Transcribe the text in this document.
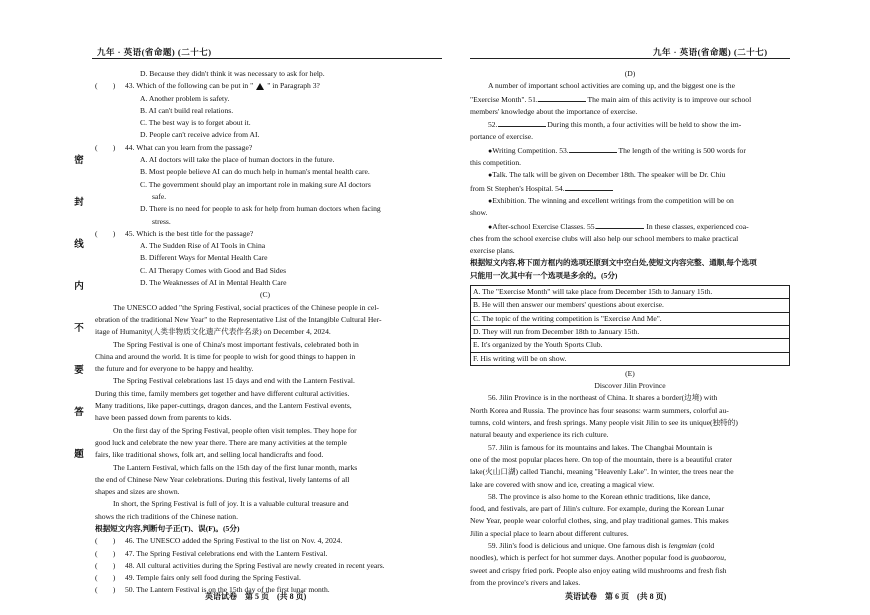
九年 · 英语(省命题) (二十七)
密
封
线
内
不
要
答
题
D. Because they didn't think it was necessary to ask for help.
(　　) 43. Which of the following can be put in " " in Paragraph 3?
A. Another problem is safety.
B. AI can't build real relations.
C. The best way is to forget about it.
D. People can't receive advice from AI.
(　　) 44. What can you learn from the passage?
A. AI doctors will take the place of human doctors in the future.
B. Most people believe AI can do much help in human's mental health care.
C. The government should play an important role in making sure AI doctors
safe.
D. There is no need for people to ask for help from human doctors when facing
stress.
(　　) 45. Which is the best title for the passage?
A. The Sudden Rise of AI Tools in China
B. Different Ways for Mental Health Care
C. AI Therapy Comes with Good and Bad Sides
D. The Weaknesses of AI in Mental Health Care
(C)
The UNESCO added "the Spring Festival, social practices of the Chinese people in cel-
ebration of the traditional New Year" to the Representative List of the Intangible Cultural Her-
itage of Humanity(人类非物质文化遗产代表作名录) on December 4, 2024.
The Spring Festival is one of China's most important festivals, celebrated both in
China and around the world. It is time for people to wish for good things to happen in
the future and for everyone to be happy and healthy.
The Spring Festival celebrations last 15 days and end with the Lantern Festival.
During this time, family members get together and have different cultural activities.
Many traditions, like paper-cuttings, dragon dances, and the Lantern Festival events,
have been passed down from parents to kids.
On the first day of the Spring Festival, people often visit temples. They hope for
good luck and celebrate the new year there. There are many activities at the temple
fairs, like traditional shows, folk art, and selling local handicrafts and food.
The Lantern Festival, which falls on the 15th day of the first lunar month, marks
the end of Chinese New Year celebrations. During this festival, lively lanterns of all
shapes and sizes are shown.
In short, the Spring Festival is full of joy. It is a valuable cultural treasure and
shows the rich traditions of the Chinese nation.
根据短文内容,判断句子正(T)、误(F)。(5分)
(　　) 46. The UNESCO added the Spring Festival to the list on Nov. 4, 2024.
(　　) 47. The Spring Festival celebrations end with the Lantern Festival.
(　　) 48. All cultural activities during the Spring Festival are newly created in recent years.
(　　) 49. Temple fairs only sell food during the Spring Festival.
(　　) 50. The Lantern Festival is on the 15th day of the first lunar month.
英语试卷　第 5 页　(共 8 页)
九年 · 英语(省命题) (二十七)
(D)
A number of important school activities are coming up, and the biggest one is the
"Exercise Month". 51.	The main aim of this activity is to improve our school
members' knowledge about the importance of exercise.
52.	During this month, a four activities will be held to show the im-
portance of exercise.
●Writing Competition. 53.	The length of the writing is 500 words for
this competition.
●Talk. The talk will be given on December 18th. The speaker will be Dr. Chiu
from St Stephen's Hospital. 54.
●Exhibition. The winning and excellent writings from the competition will be on
show.
●After-school Exercise Classes. 55.	In these classes, experienced coa-
ches from the school exercise clubs will also help our school members to make practical
exercise plans.
根据短文内容,将下面方框内的选项还原到文中空白处,使短文内容完整、通顺,每个选项
只能用一次,其中有一个选项是多余的。(5分)
A. The "Exercise Month" will take place from December 15th to January 15th.
B. He will then answer our members' questions about exercise.
C. The topic of the writing competition is "Exercise And Me".
D. They will run from December 18th to January 15th.
E. It's organized by the Youth Sports Club.
F. His writing will be on show.
(E)
Discover Jilin Province
56. Jilin Province is in the northeast of China. It shares a border(边境) with
North Korea and Russia. The province has four seasons: warm summers, colorful au-
tumns, cold winters, and fresh springs. Many people visit Jilin to see its unique(独特的)
natural beauty and experience its rich culture.
57. Jilin is famous for its mountains and lakes. The Changbai Mountain is
one of the most popular places here. On top of the mountain, there is a beautiful crater
lake(火山口湖) called Tianchi, meaning "Heavenly Lake". In winter, the trees near the
lake are covered with snow and ice, creating a magical view.
58. The province is also home to the Korean ethnic traditions, like dance,
food, and festivals, are part of Jilin's culture. For example, during the Korean Lunar
New Year, people wear colorful clothes, sing, and play traditional games. This makes
Jilin a special place to learn about different cultures.
59. Jilin's food is delicious and unique. One famous dish is lengmian (cold
noodles), which is perfect for hot summer days. Another popular food is guobaorou,
sweet and crispy fried pork. People also enjoy eating wild mushrooms and fresh fish
from the province's rivers and lakes.
英语试卷　第 6 页　(共 8 页)
